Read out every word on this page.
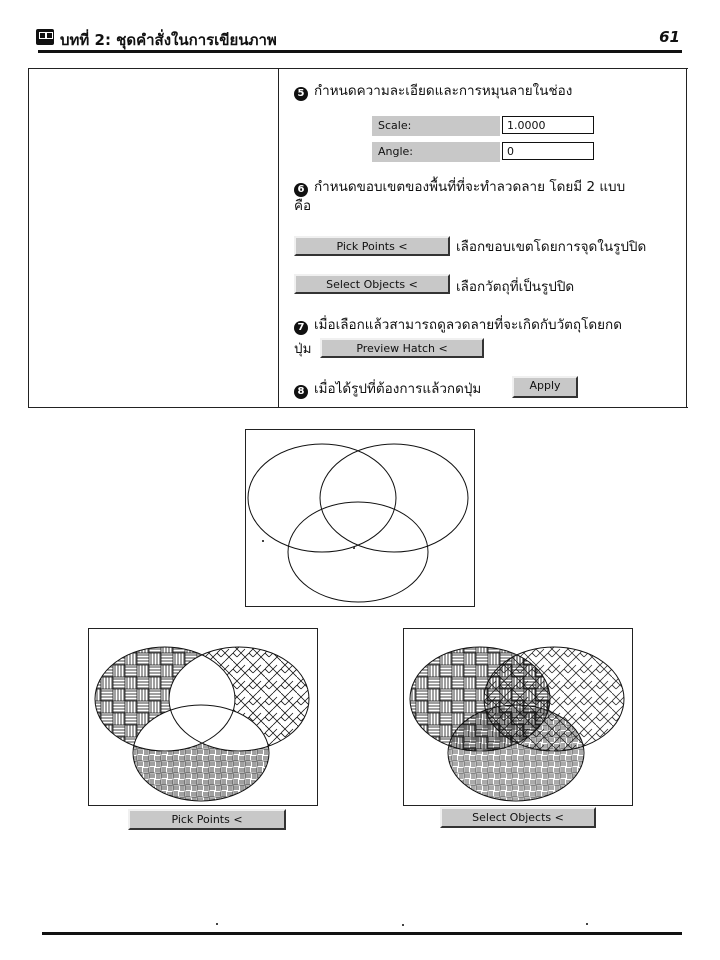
บทที่ 2: ชุดคำสั่งในการเขียนภาพ	61
5 กำหนดความละเอียดและการหมุนลายในช่อง
Scale:	1.0000
Angle:	0
6 กำหนดขอบเขตของพื้นที่ที่จะทำลวดลาย โดยมี 2 แบบ
คือ
Pick Points <	เลือกขอบเขตโดยการจุดในรูปปิด
Select Objects <	เลือกวัตถุที่เป็นรูปปิด
7 เมื่อเลือกแล้วสามารถดูลวดลายที่จะเกิดกับวัตถุโดยกด
ปุ่ม	Preview Hatch <
8 เมื่อได้รูปที่ต้องการแล้วกดปุ่ม	Apply
Pick Points <	Select Objects <
